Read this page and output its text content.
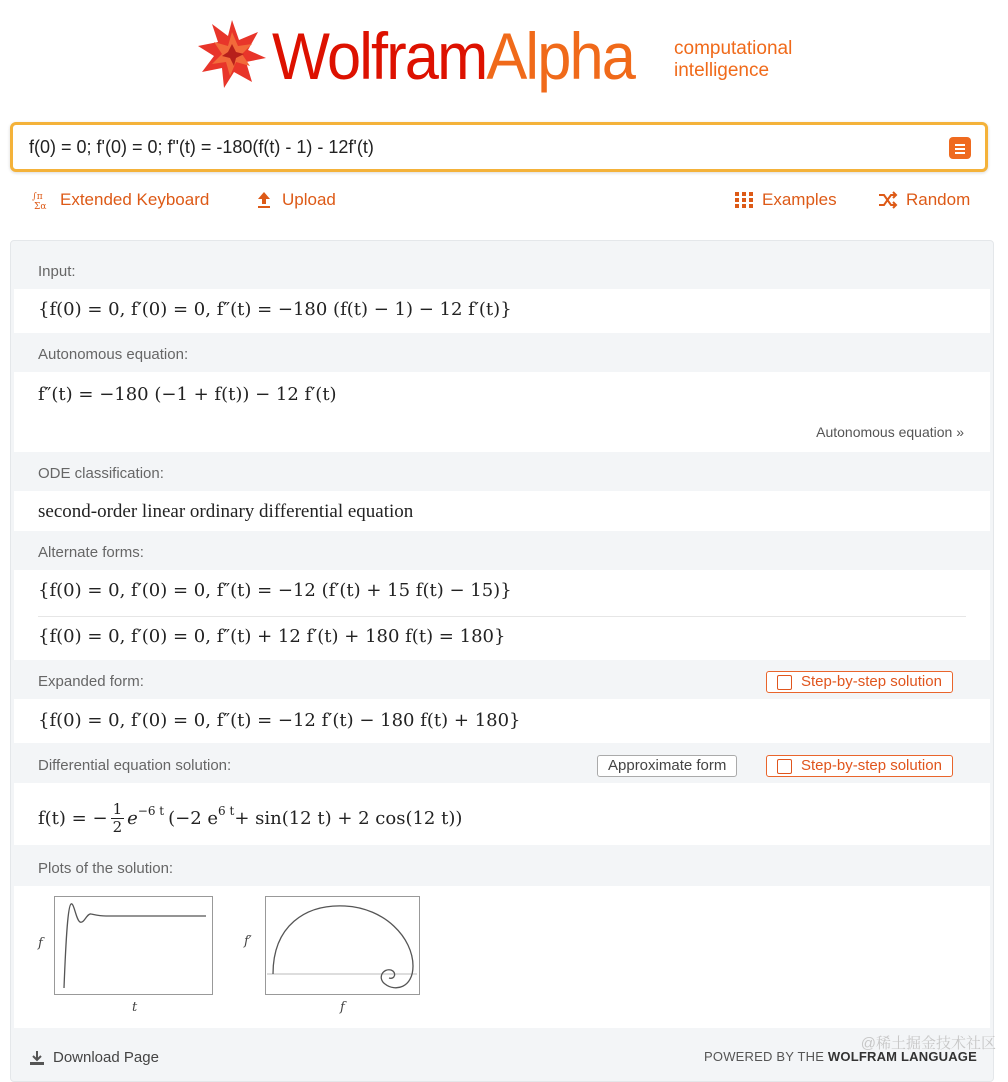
WolframAlpha computational
intelligence
f(0) = 0; f'(0) = 0; f"(t) = -180(f(t) - 1) - 12f'(t)
∫π
Σα Extended Keyboard	Upload	Examples	Random
Input:
{f(0) = 0, f′(0) = 0, f″(t) = −180 (f(t) − 1) − 12 f′(t)}
Autonomous equation:
f″(t) = −180 (−1 + f(t)) − 12 f′(t)
Autonomous equation »
ODE classification:
second-order linear ordinary differential equation
Alternate forms:
{f(0) = 0, f′(0) = 0, f″(t) = −12 (f′(t) + 15 f(t) − 15)}
{f(0) = 0, f′(0) = 0, f″(t) + 12 f′(t) + 180 f(t) = 180}
Expanded form:	Step-by-step solution
{f(0) = 0, f′(0) = 0, f″(t) = −12 f′(t) − 180 f(t) + 180}
Differential equation solution:	Approximate form	Step-by-step solution
f(t) = − $\frac{1}{2} e^{-6 t}$ (−2 $e^{6 t} + \sin(12$ t) + 2 cos(12 t))
Plots of the solution:
f
t
f′
f
Download Page	POWERED BY THE WOLFRAM LANGUAGE
@稀土掘金技术社区
